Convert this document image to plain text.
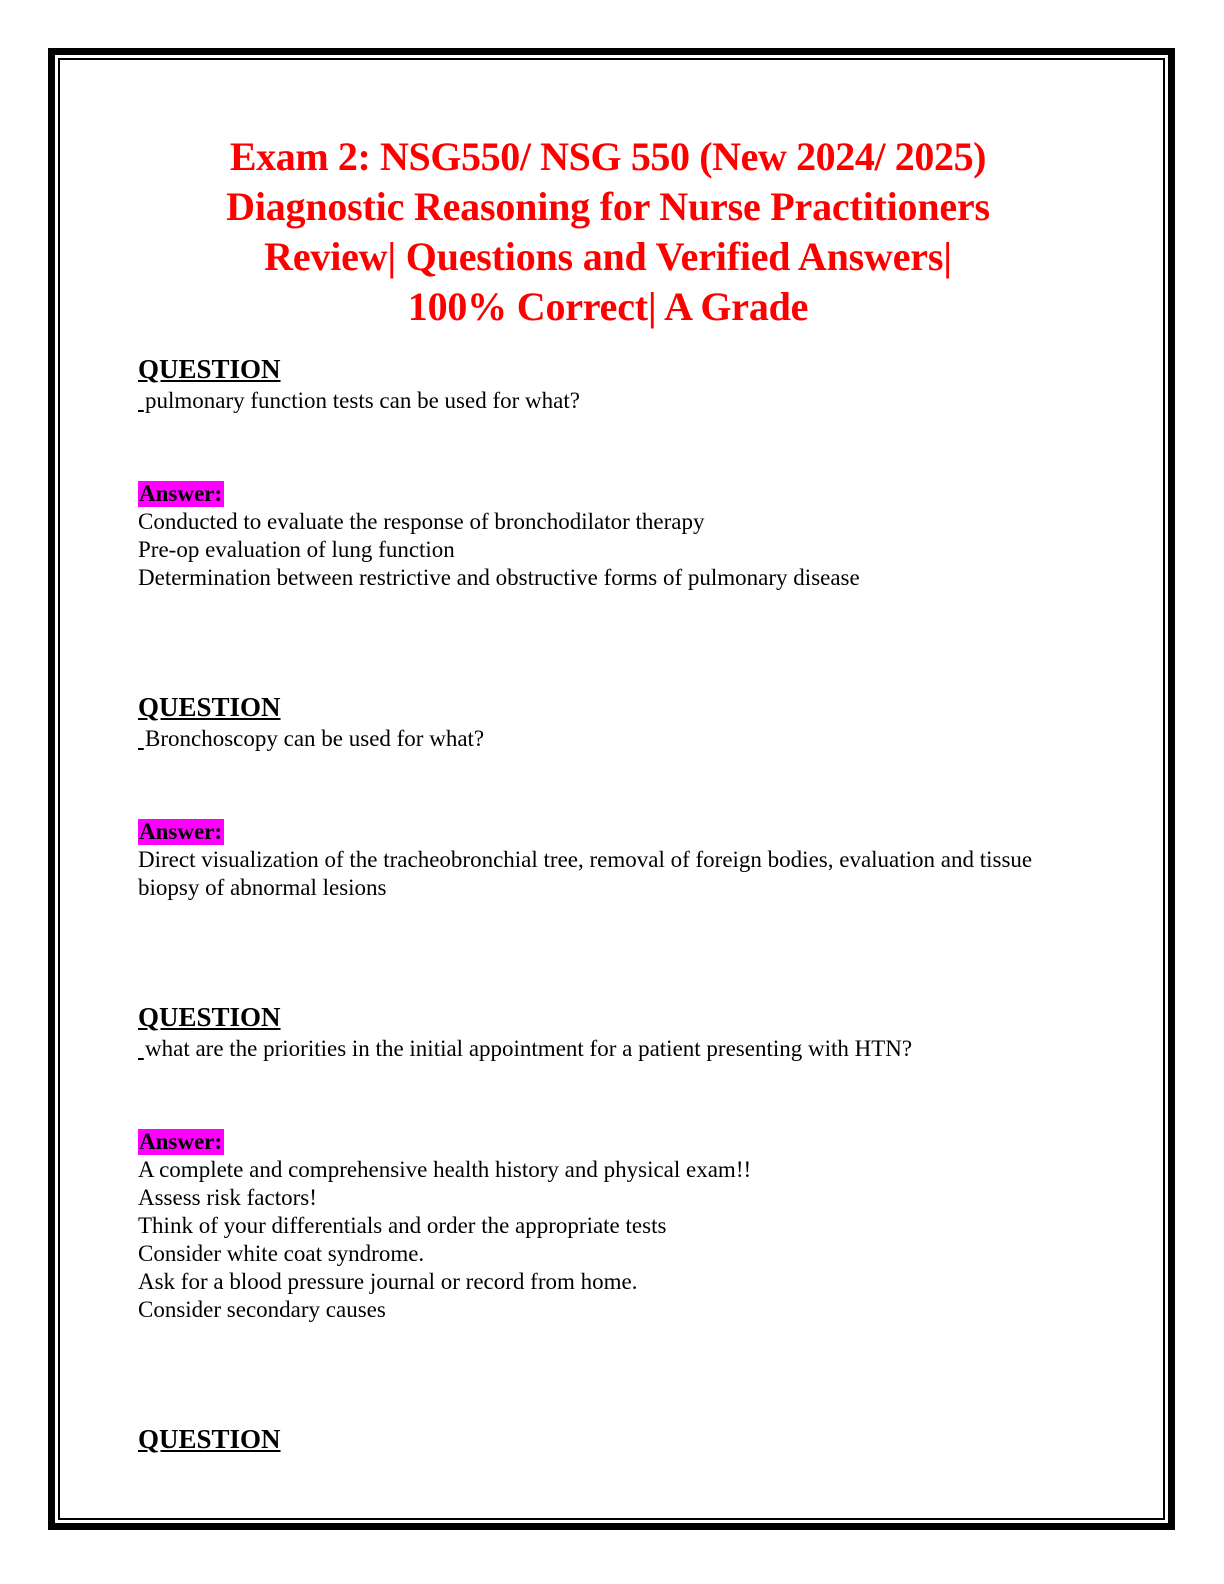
Exam 2: NSG550/ NSG 550 (New 2024/ 2025)
Diagnostic Reasoning for Nurse Practitioners
Review| Questions and Verified Answers|
100% Correct| A Grade
QUESTION

pulmonary function tests can be used for what?

Answer:
Conducted to evaluate the response of bronchodilator therapy
Pre-op evaluation of lung function
Determination between restrictive and obstructive forms of pulmonary disease
QUESTION

Bronchoscopy can be used for what?

Answer:
Direct visualization of the tracheobronchial tree, removal of foreign bodies, evaluation and tissue biopsy of abnormal lesions
QUESTION

what are the priorities in the initial appointment for a patient presenting with HTN?

Answer:
A complete and comprehensive health history and physical exam!!
Assess risk factors!
Think of your differentials and order the appropriate tests
Consider white coat syndrome.
Ask for a blood pressure journal or record from home.
Consider secondary causes
QUESTION
